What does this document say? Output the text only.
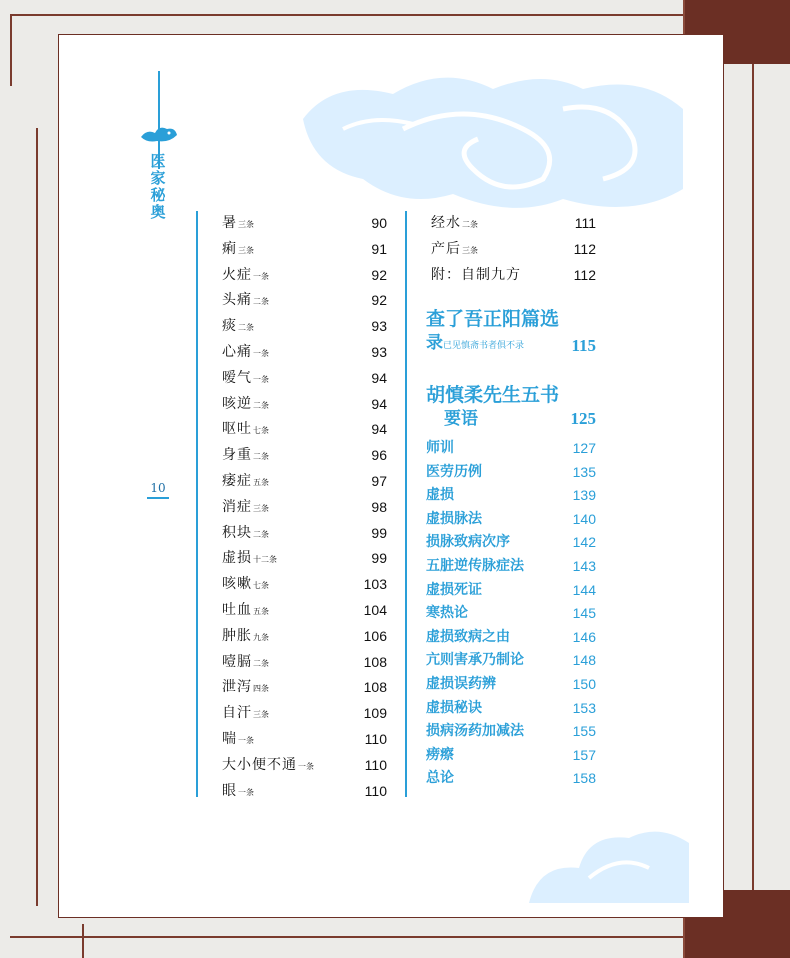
医家秘奥
10
暑三条	90
痢三条	91
火症一条	92
头痛二条	92
痰二条	93
心痛一条	93
嗳气一条	94
咳逆二条	94
呕吐七条	94
身重二条	96
痿症五条	97
消症三条	98
积块二条	99
虚损十二条	99
咳嗽七条	103
吐血五条	104
肿胀九条	106
噎膈二条	108
泄泻四条	108
自汗三条	109
喘一条	110
大小便不通一条	110
眼一条	110
经水二条	111
产后三条	112
附：自制九方	112
查了吾正阳篇选
录已见慎斋书者俱不录	115
胡慎柔先生五书
要语	125
师训	127
医劳历例	135
虚损	139
虚损脉法	140
损脉致病次序	142
五脏逆传脉症法	143
虚损死证	144
寒热论	145
虚损致病之由	146
亢则害承乃制论	148
虚损误药辨	150
虚损秘诀	153
损病汤药加减法	155
痨瘵	157
总论	158
